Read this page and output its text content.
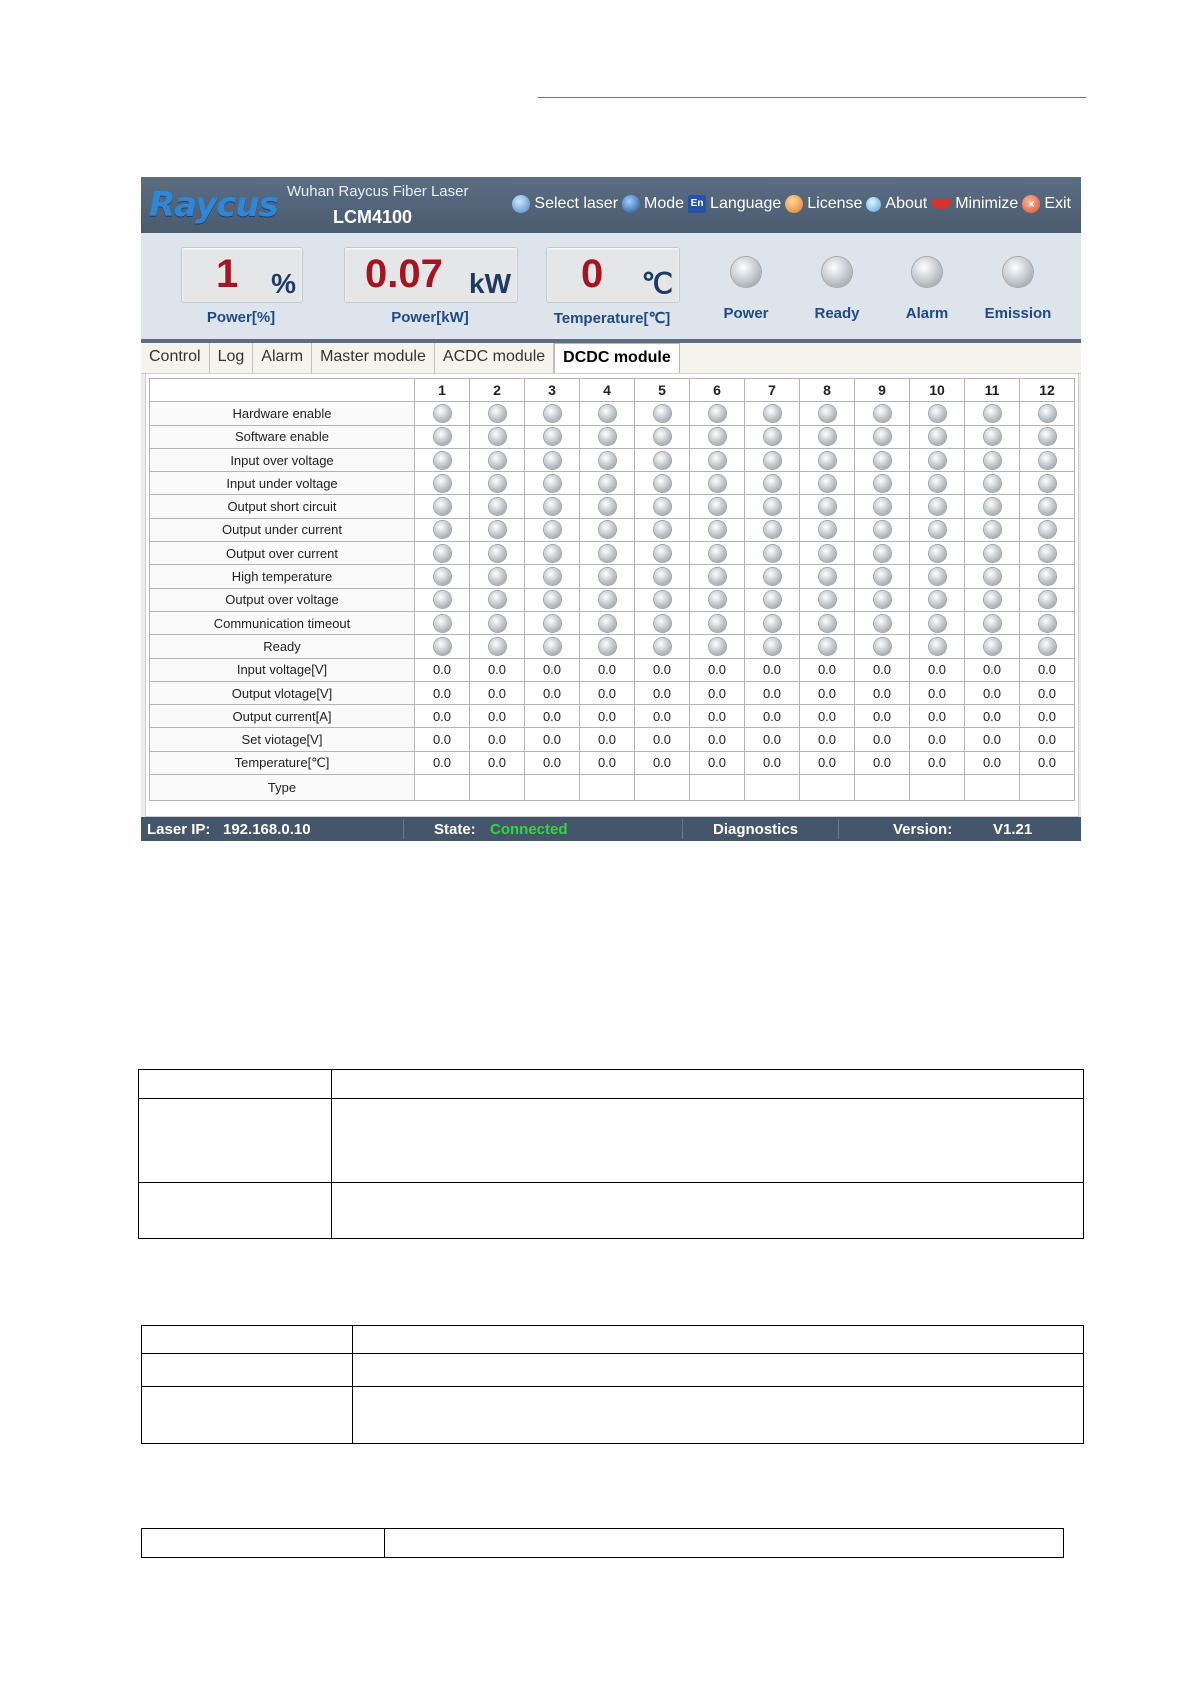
Raycus Wuhan Raycus Fiber Laser
LCM4100
Select laser Mode En Language License About Minimize × Exit
1 %
Power[%]
0.07 kW
Power[kW]
0 ℃
Temperature[℃]	Power	Ready	Alarm	Emission
Control	Log	Alarm	Master module	ACDC module	DCDC module
	1	2	3	4	5	6	7	8	9	10	11	12
Hardware enable												
Software enable												
Input over voltage												
Input under voltage												
Output short circuit												
Output under current												
Output over current												
High temperature												
Output over voltage												
Communication timeout												
Ready												
Input voltage[V]	0.0	0.0	0.0	0.0	0.0	0.0	0.0	0.0	0.0	0.0	0.0	0.0
Output vlotage[V]	0.0	0.0	0.0	0.0	0.0	0.0	0.0	0.0	0.0	0.0	0.0	0.0
Output current[A]	0.0	0.0	0.0	0.0	0.0	0.0	0.0	0.0	0.0	0.0	0.0	0.0
Set viotage[V]	0.0	0.0	0.0	0.0	0.0	0.0	0.0	0.0	0.0	0.0	0.0	0.0
Temperature[℃]	0.0	0.0	0.0	0.0	0.0	0.0	0.0	0.0	0.0	0.0	0.0	0.0
Type												
Laser IP: 192.168.0.10	State: Connected	Diagnostics	Version:	V1.21
